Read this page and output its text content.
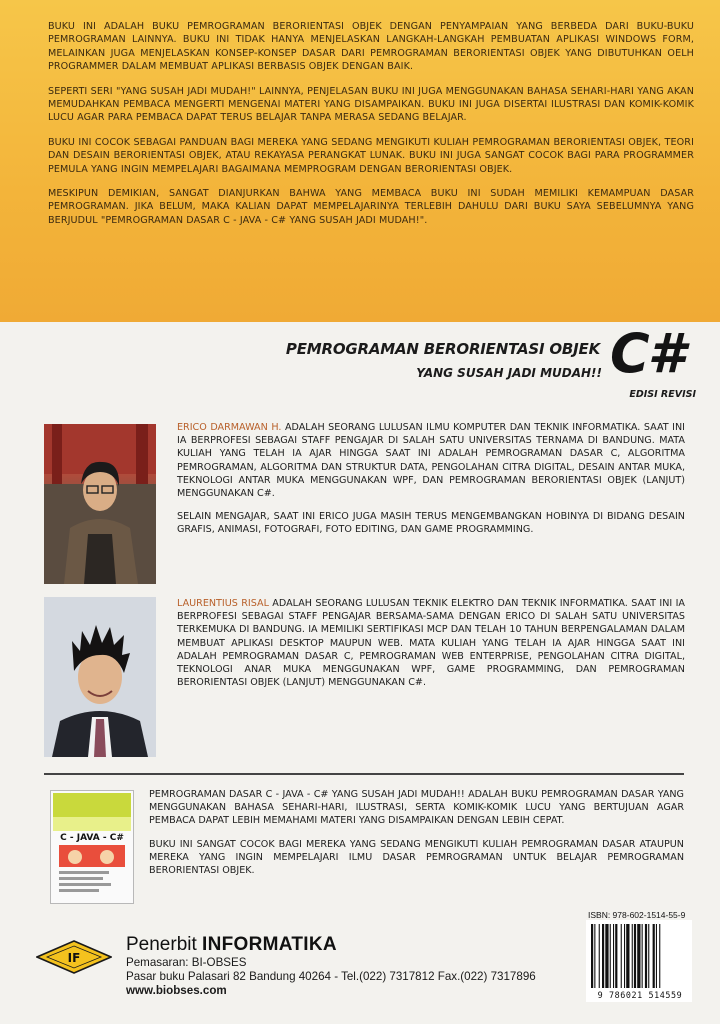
BUKU INI ADALAH BUKU PEMROGRAMAN BERORIENTASI OBJEK DENGAN PENYAMPAIAN YANG BERBEDA DARI BUKU-BUKU PEMROGRAMAN LAINNYA. BUKU INI TIDAK HANYA MENJELASKAN LANGKAH-LANGKAH PEMBUATAN APLIKASI WINDOWS FORM, MELAINKAN JUGA MENJELASKAN KONSEP-KONSEP DASAR DARI PEMROGRAMAN BERORIENTASI OBJEK YANG DIBUTUHKAN OELH PROGRAMMER DALAM MEMBUAT APLIKASI BERBASIS OBJEK DENGAN BAIK.

SEPERTI SERI "YANG SUSAH JADI MUDAH!" LAINNYA, PENJELASAN BUKU INI JUGA MENGGUNAKAN BAHASA SEHARI-HARI YANG AKAN MEMUDAHKAN PEMBACA MENGERTI MENGENAI MATERI YANG DISAMPAIKAN. BUKU INI JUGA DISERTAI ILUSTRASI DAN KOMIK-KOMIK LUCU AGAR PARA PEMBACA DAPAT TERUS BELAJAR TANPA MERASA SEDANG BELAJAR.

BUKU INI COCOK SEBAGAI PANDUAN BAGI MEREKA YANG SEDANG MENGIKUTI KULIAH PEMROGRAMAN BERORIENTASI OBJEK, TEORI DAN DESAIN BERORIENTASI OBJEK, ATAU REKAYASA PERANGKAT LUNAK. BUKU INI JUGA SANGAT COCOK BAGI PARA PROGRAMMER PEMULA YANG INGIN MEMPELAJARI BAGAIMANA MEMPROGRAM DENGAN BERORIENTASI OBJEK.

MESKIPUN DEMIKIAN, SANGAT DIANJURKAN BAHWA YANG MEMBACA BUKU INI SUDAH MEMILIKI KEMAMPUAN DASAR PEMROGRAMAN. JIKA BELUM, MAKA KALIAN DAPAT MEMPELAJARINYA TERLEBIH DAHULU DARI BUKU SAYA SEBELUMNYA YANG BERJUDUL "PEMROGRAMAN DASAR C - JAVA - C# YANG SUSAH JADI MUDAH!".

PEMROGRAMAN BERORIENTASI OBJEK
YANG SUSAH JADI MUDAH!! C#
EDISI REVISI

ERICO DARMAWAN H. ADALAH SEORANG LULUSAN ILMU KOMPUTER DAN TEKNIK INFORMATIKA. SAAT INI IA BERPROFESI SEBAGAI STAFF PENGAJAR DI SALAH SATU UNIVERSITAS TERNAMA DI BANDUNG. MATA KULIAH YANG TELAH IA AJAR HINGGA SAAT INI ADALAH PEMROGRAMAN DASAR C, ALGORITMA PEMROGRAMAN, ALGORITMA DAN STRUKTUR DATA, PENGOLAHAN CITRA DIGITAL, DESAIN ANTAR MUKA, TEKNOLOGI ANTAR MUKA MENGGUNAKAN WPF, DAN PEMROGRAMAN BERORIENTASI OBJEK (LANJUT) MENGGUNAKAN C#.

SELAIN MENGAJAR, SAAT INI ERICO JUGA MASIH TERUS MENGEMBANGKAN HOBINYA DI BIDANG DESAIN GRAFIS, ANIMASI, FOTOGRAFI, FOTO EDITING, DAN GAME PROGRAMMING.

LAURENTIUS RISAL ADALAH SEORANG LULUSAN TEKNIK ELEKTRO DAN TEKNIK INFORMATIKA. SAAT INI IA BERPROFESI SEBAGAI STAFF PENGAJAR BERSAMA-SAMA DENGAN ERICO DI SALAH SATU UNIVERSITAS TERKEMUKA DI BANDUNG. IA MEMILIKI SERTIFIKASI MCP DAN TELAH 10 TAHUN BERPENGALAMAN DALAM MEMBUAT APLIKASI DESKTOP MAUPUN WEB. MATA KULIAH YANG TELAH IA AJAR HINGGA SAAT INI ADALAH PEMROGRAMAN DASAR C, PEMROGRAMAN WEB ENTERPRISE, PENGOLAHAN CITRA DIGITAL, TEKNOLOGI ANAR MUKA MENGGUNAKAN WPF, GAME PROGRAMMING, DAN PEMROGRAMAN BERORIENTASI OBJEK (LANJUT) MENGGUNAKAN C#.

C - JAVA - C#

PEMROGRAMAN DASAR C - JAVA - C# YANG SUSAH JADI MUDAH!! ADALAH BUKU PEMROGRAMAN DASAR YANG MENGGUNAKAN BAHASA SEHARI-HARI, ILUSTRASI, SERTA KOMIK-KOMIK LUCU YANG BERTUJUAN AGAR PEMBACA DAPAT LEBIH MEMAHAMI MATERI YANG DISAMPAIKAN DENGAN LEBIH CEPAT.

BUKU INI SANGAT COCOK BAGI MEREKA YANG SEDANG MENGIKUTI KULIAH PEMROGRAMAN DASAR ATAUPUN MEREKA YANG INGIN MEMPELAJARI ILMU DASAR PEMROGRAMAN UNTUK BELAJAR PEMROGRAMAN BERORIENTASI OBJEK.

IF
Penerbit INFORMATIKA
Pemasaran: BI-OBSES
Pasar buku Palasari 82 Bandung 40264 - Tel.(022) 7317812 Fax.(022) 7317896
www.biobses.com
ISBN: 978-602-1514-55-9
9 786021 514559
